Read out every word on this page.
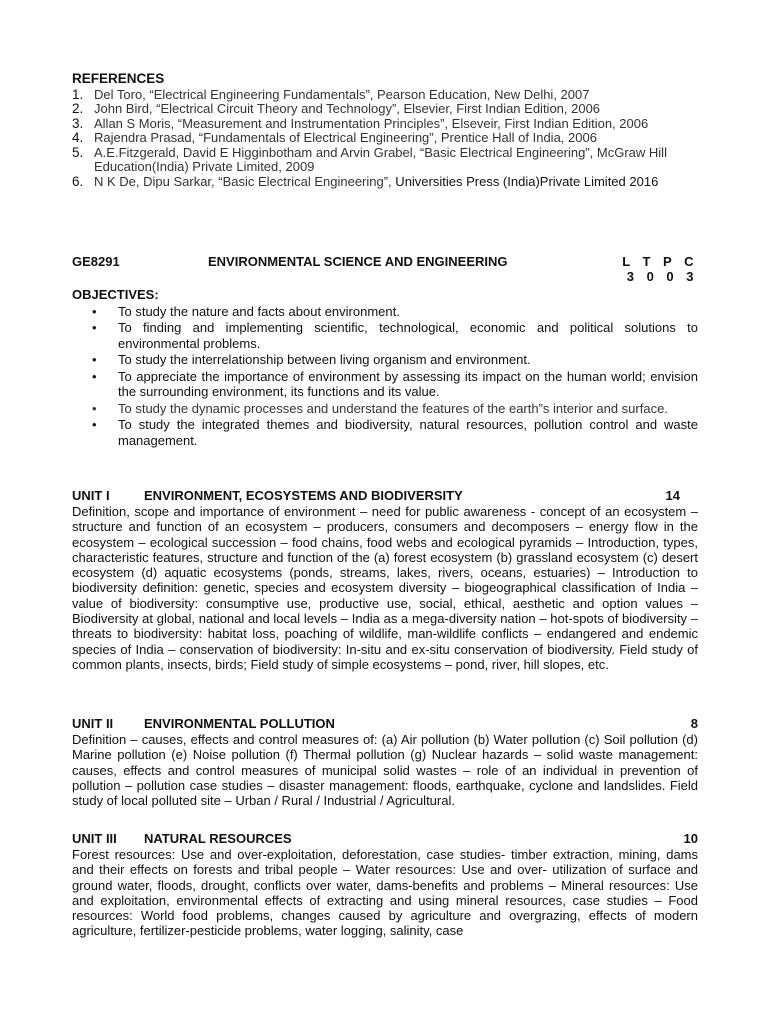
REFERENCES
1. Del Toro, “Electrical Engineering Fundamentals”, Pearson Education, New Delhi, 2007
2. John Bird, “Electrical Circuit Theory and Technology”, Elsevier, First Indian Edition, 2006
3. Allan S Moris, “Measurement and Instrumentation Principles”, Elseveir, First Indian Edition, 2006
4. Rajendra Prasad, “Fundamentals of Electrical Engineering”, Prentice Hall of India, 2006
5. A.E.Fitzgerald, David E Higginbotham and Arvin Grabel, “Basic Electrical Engineering”, McGraw Hill Education(India) Private Limited, 2009
6. N K De, Dipu Sarkar, “Basic Electrical Engineering”, Universities Press (India)Private Limited 2016
GE8291	ENVIRONMENTAL SCIENCE AND ENGINEERING	L T P C
3 0 0 3
OBJECTIVES:
• To study the nature and facts about environment.
• To finding and implementing scientific, technological, economic and political solutions to environmental problems.
• To study the interrelationship between living organism and environment.
• To appreciate the importance of environment by assessing its impact on the human world; envision the surrounding environment, its functions and its value.
• To study the dynamic processes and understand the features of the earth”s interior and surface.
• To study the integrated themes and biodiversity, natural resources, pollution control and waste management.
UNIT I	ENVIRONMENT, ECOSYSTEMS AND BIODIVERSITY	14

Definition, scope and importance of environment – need for public awareness - concept of an ecosystem – structure and function of an ecosystem – producers, consumers and decomposers – energy flow in the ecosystem – ecological succession – food chains, food webs and ecological pyramids – Introduction, types, characteristic features, structure and function of the (a) forest ecosystem (b) grassland ecosystem (c) desert ecosystem (d) aquatic ecosystems (ponds, streams, lakes, rivers, oceans, estuaries) – Introduction to biodiversity definition: genetic, species and ecosystem diversity – biogeographical classification of India – value of biodiversity: consumptive use, productive use, social, ethical, aesthetic and option values – Biodiversity at global, national and local levels – India as a mega-diversity nation – hot-spots of biodiversity – threats to biodiversity: habitat loss, poaching of wildlife, man-wildlife conflicts – endangered and endemic species of India – conservation of biodiversity: In-situ and ex-situ conservation of biodiversity. Field study of common plants, insects, birds; Field study of simple ecosystems – pond, river, hill slopes, etc.

UNIT II ENVIRONMENTAL POLLUTION	8

Definition – causes, effects and control measures of: (a) Air pollution (b) Water pollution (c) Soil pollution (d) Marine pollution (e) Noise pollution (f) Thermal pollution (g) Nuclear hazards – solid waste management: causes, effects and control measures of municipal solid wastes – role of an individual in prevention of pollution – pollution case studies – disaster management: floods, earthquake, cyclone and landslides. Field study of local polluted site – Urban / Rural / Industrial / Agricultural.

UNIT III NATURAL RESOURCES	10

Forest resources: Use and over-exploitation, deforestation, case studies- timber extraction, mining, dams and their effects on forests and tribal people – Water resources: Use and over- utilization of surface and ground water, floods, drought, conflicts over water, dams-benefits and problems – Mineral resources: Use and exploitation, environmental effects of extracting and using mineral resources, case studies – Food resources: World food problems, changes caused by agriculture and overgrazing, effects of modern agriculture, fertilizer-pesticide problems, water logging, salinity, case
